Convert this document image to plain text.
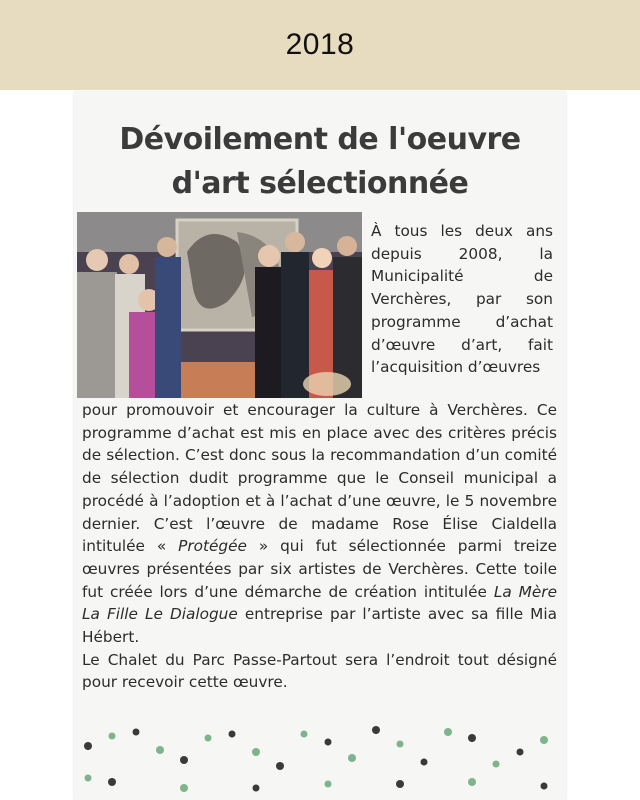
2018
Dévoilement de l'oeuvre
d'art sélectionnée

À tous les deux ans depuis 2008, la Municipalité de Verchères, par son programme d’achat d’œuvre d’art, fait l’acquisition d’œuvres

pour promouvoir et encourager la culture à Verchères. Ce programme d’achat est mis en place avec des critères précis de sélection. C’est donc sous la recommandation d’un comité de sélection dudit programme que le Conseil municipal a procédé à l’adoption et à l’achat d’une œuvre, le 5 novembre dernier. C’est l’œuvre de madame Rose Élise Cialdella intitulée « Protégée » qui fut sélectionnée parmi treize œuvres présentées par six artistes de Verchères. Cette toile fut créée lors d’une démarche de création intitulée La Mère La Fille Le Dialogue entreprise par l’artiste avec sa fille Mia Hébert.

Le Chalet du Parc Passe-Partout sera l’endroit tout désigné pour recevoir cette œuvre.
